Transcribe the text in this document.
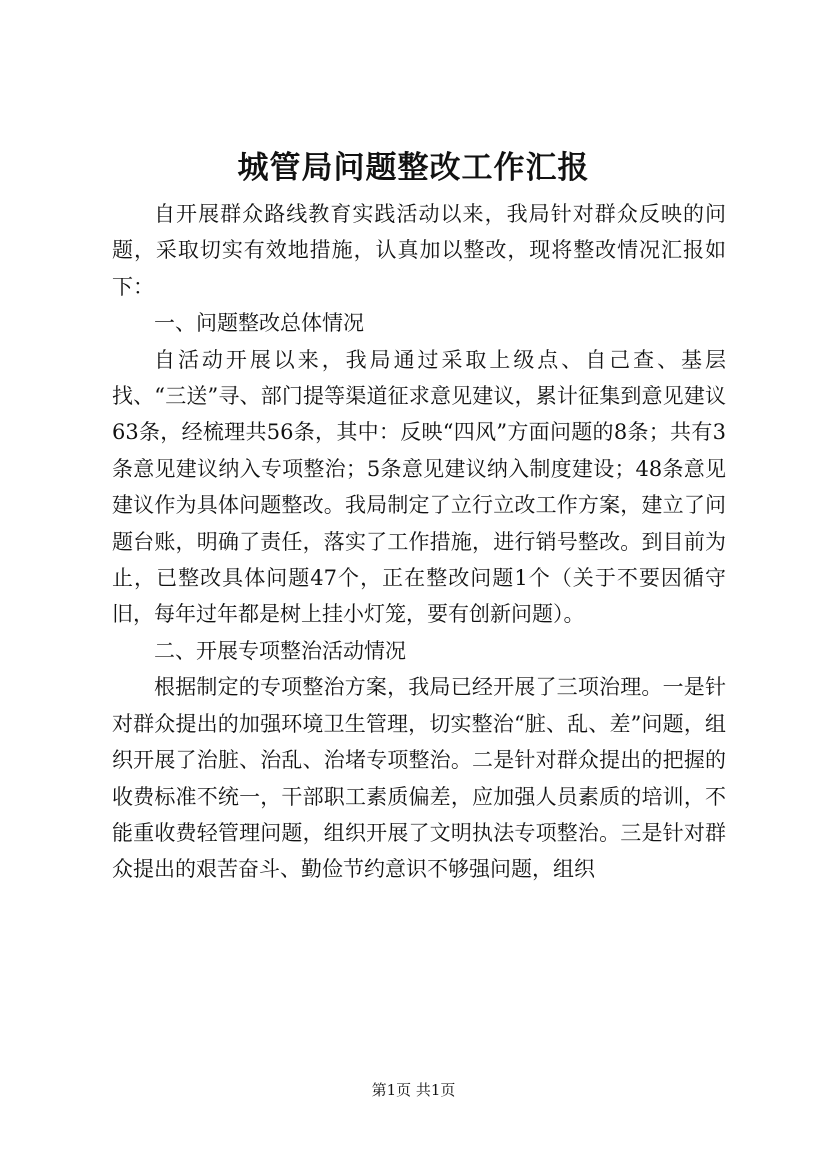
城管局问题整改工作汇报

自开展群众路线教育实践活动以来，我局针对群众反映的问题，采取切实有效地措施，认真加以整改，现将整改情况汇报如下：

一、问题整改总体情况

自活动开展以来，我局通过采取上级点、自己查、基层找、“三送”寻、部门提等渠道征求意见建议，累计征集到意见建议63条，经梳理共56条，其中：反映“四风”方面问题的8条；共有3条意见建议纳入专项整治；5条意见建议纳入制度建设；48条意见建议作为具体问题整改。我局制定了立行立改工作方案，建立了问题台账，明确了责任，落实了工作措施，进行销号整改。到目前为止，已整改具体问题47个，正在整改问题1个（关于不要因循守旧，每年过年都是树上挂小灯笼，要有创新问题）。

二、开展专项整治活动情况

根据制定的专项整治方案，我局已经开展了三项治理。一是针对群众提出的加强环境卫生管理，切实整治“脏、乱、差”问题，组织开展了治脏、治乱、治堵专项整治。二是针对群众提出的把握的收费标准不统一，干部职工素质偏差，应加强人员素质的培训，不能重收费轻管理问题，组织开展了文明执法专项整治。三是针对群众提出的艰苦奋斗、勤俭节约意识不够强问题，组织

第1页 共1页
